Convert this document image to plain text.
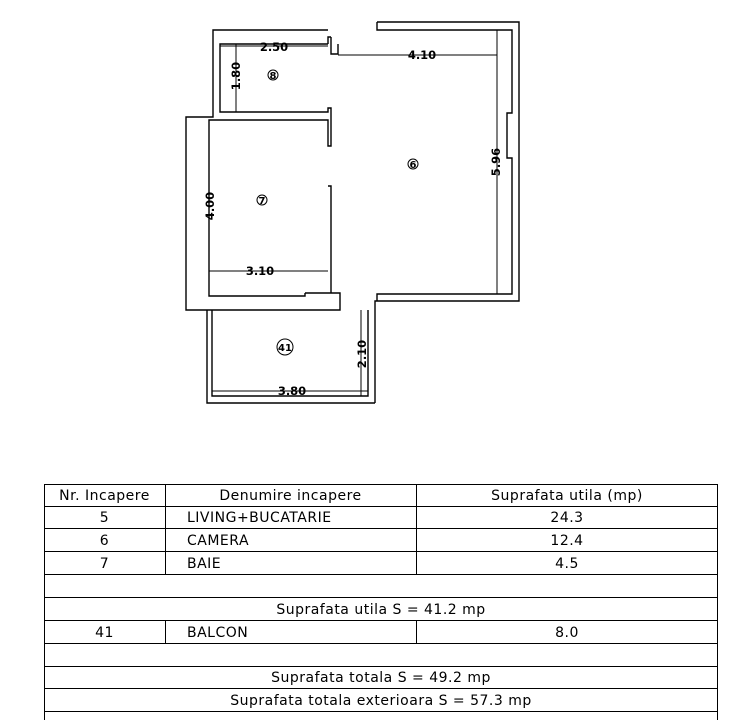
2.50
4.10
1.80
5.96
4.00
3.10
2.10
3.80
8
6
7
41
Nr. Incapere	Denumire incapere	Suprafata utila (mp)
5	LIVING+BUCATARIE	24.3
6	CAMERA	12.4
7	BAIE	4.5
Suprafata utila S = 41.2 mp
41	BALCON	8.0
Suprafata totala S = 49.2 mp
Suprafata totala exterioara S = 57.3 mp
